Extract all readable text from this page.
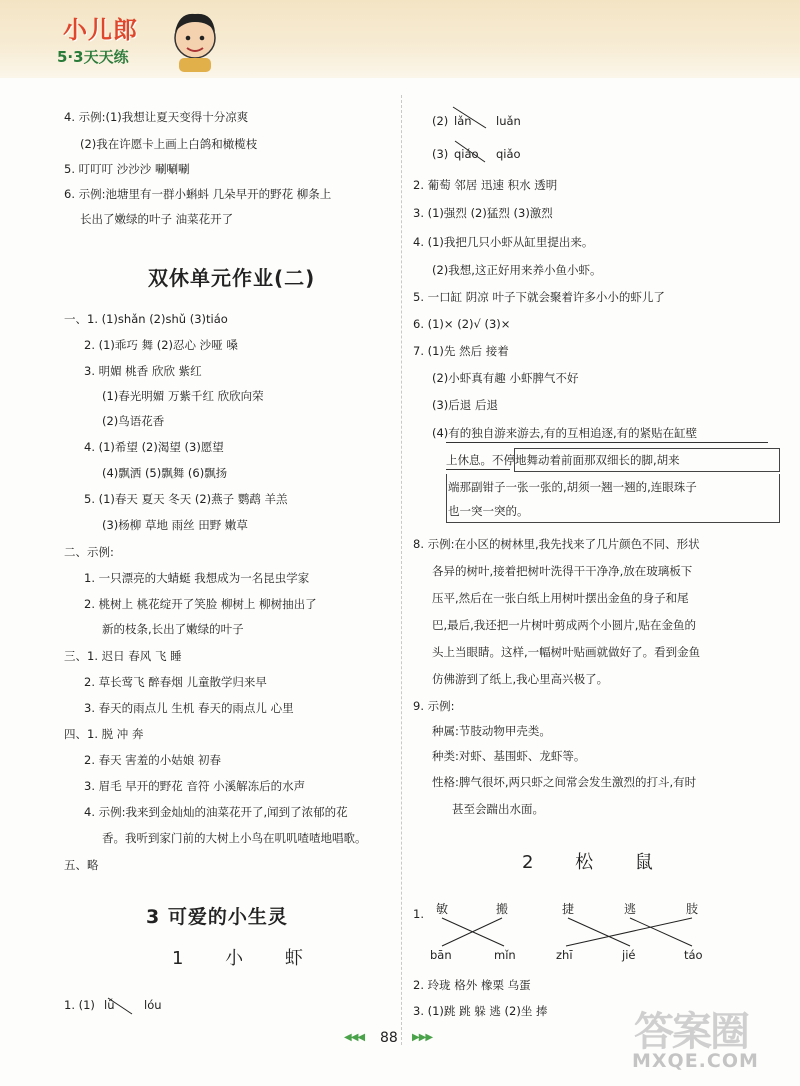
小儿郎
5·3天天练
4. 示例:(1)我想让夏天变得十分凉爽
(2)我在许愿卡上画上白鸽和橄榄枝
5. 叮叮叮 沙沙沙 唰唰唰
6. 示例:池塘里有一群小蝌蚪 几朵早开的野花 柳条上
长出了嫩绿的叶子 油菜花开了
双休单元作业(二)
一、1. (1)shǎn (2)shǔ (3)tiáo
2. (1)乖巧 舞 (2)忍心 沙哑 嗓
3. 明媚 桃香 欣欣 紫红
(1)春光明媚 万紫千红 欣欣向荣
(2)鸟语花香
4. (1)希望 (2)渴望 (3)愿望
(4)飘洒 (5)飘舞 (6)飘扬
5. (1)春天 夏天 冬天 (2)燕子 鹦鹉 羊羔
(3)杨柳 草地 雨丝 田野 嫩草
二、示例:
1. 一只漂亮的大蜻蜓 我想成为一名昆虫学家
2. 桃树上 桃花绽开了笑脸 柳树上 柳树抽出了
新的枝条,长出了嫩绿的叶子
三、1. 迟日 春风 飞 睡
2. 草长莺飞 醉春烟 儿童散学归来早
3. 春天的雨点儿 生机 春天的雨点儿 心里
四、1. 脱 冲 奔
2. 春天 害羞的小姑娘 初春
3. 眉毛 早开的野花 音符 小溪解冻后的水声
4. 示例:我来到金灿灿的油菜花开了,闻到了浓郁的花
香。我听到家门前的大树上小鸟在叽叽喳喳地唱歌。
五、略
3 可爱的小生灵
1 小 虾
1. (1) lǚ	lóu
(2) lǎn luǎn
(3) qiáo qiǎo
2. 葡萄 邻居 迅速 积水 透明
3. (1)强烈 (2)猛烈 (3)激烈
4. (1)我把几只小虾从缸里提出来。
(2)我想,这正好用来养小鱼小虾。
5. 一口缸 阴凉 叶子下就会聚着许多小小的虾儿了
6. (1)× (2)√ (3)×
7. (1)先 然后 接着
(2)小虾真有趣 小虾脾气不好
(3)后退 后退
(4)有的独自游来游去,有的互相追逐,有的紧贴在缸壁
上休息。不停地舞动着前面那双细长的脚,胡来
端那副钳子一张一张的,胡须一翘一翘的,连眼珠子
也一突一突的。
8. 示例:在小区的树林里,我先找来了几片颜色不同、形状
各异的树叶,接着把树叶洗得干干净净,放在玻璃板下
压平,然后在一张白纸上用树叶摆出金鱼的身子和尾
巴,最后,我还把一片树叶剪成两个小圆片,贴在金鱼的
头上当眼睛。这样,一幅树叶贴画就做好了。看到金鱼
仿佛游到了纸上,我心里高兴极了。
9. 示例:
种属:节肢动物甲壳类。
种类:对虾、基围虾、龙虾等。
性格:脾气很坏,两只虾之间常会发生激烈的打斗,有时
甚至会踹出水面。
2 松 鼠
1. 敏	搬	捷	逃	肢
bān	mǐn	zhī	jié	táo
2. 玲珑 格外 橡栗 乌蛋
3. (1)跳 跳 躲 逃 (2)坐 捧
◀◀◀ 88 ▶▶▶	答案圈
MXQE.COM
